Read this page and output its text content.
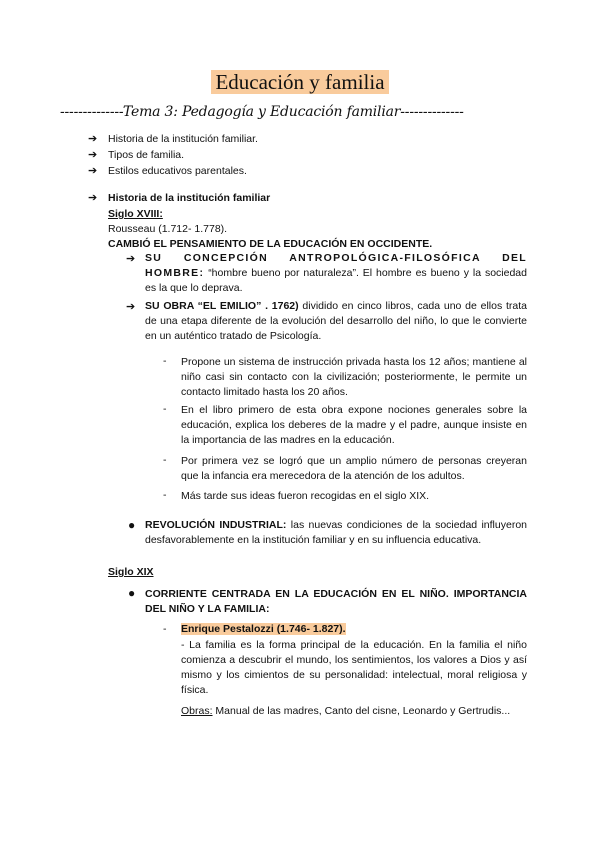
Educación y familia
--------------Tema 3: Pedagogía y Educación familiar--------------
➔ Historia de la institución familiar.
➔ Tipos de familia.
➔ Estilos educativos parentales.
➔ Historia de la institución familiar
Siglo XVIII:
Rousseau (1.712- 1.778).
CAMBIÓ EL PENSAMIENTO DE LA EDUCACIÓN EN OCCIDENTE.
➔ SU CONCEPCIÓN ANTROPOLÓGICA-FILOSÓFICA DEL HOMBRE: “hombre bueno por naturaleza”. El hombre es bueno y la sociedad es la que lo deprava.
➔ SU OBRA “EL EMILIO” . 1762) dividido en cinco libros, cada uno de ellos trata de una etapa diferente de la evolución del desarrollo del niño, lo que le convierte en un auténtico tratado de Psicología.
- Propone un sistema de instrucción privada hasta los 12 años; mantiene al niño casi sin contacto con la civilización; posteriormente, le permite un contacto limitado hasta los 20 años.
- En el libro primero de esta obra expone nociones generales sobre la educación, explica los deberes de la madre y el padre, aunque insiste en la importancia de las madres en la educación.
- Por primera vez se logró que un amplio número de personas creyeran que la infancia era merecedora de la atención de los adultos.
- Más tarde sus ideas fueron recogidas en el siglo XIX.
● REVOLUCIÓN INDUSTRIAL: las nuevas condiciones de la sociedad influyeron desfavorablemente en la institución familiar y en su influencia educativa.
Siglo XIX
● CORRIENTE CENTRADA EN LA EDUCACIÓN EN EL NIÑO. IMPORTANCIA DEL NIÑO Y LA FAMILIA:
- Enrique Pestalozzi (1.746- 1.827).
- La familia es la forma principal de la educación. En la familia el niño comienza a descubrir el mundo, los sentimientos, los valores a Dios y así mismo y los cimientos de su personalidad: intelectual, moral religiosa y física.
Obras: Manual de las madres, Canto del cisne, Leonardo y Gertrudis...
